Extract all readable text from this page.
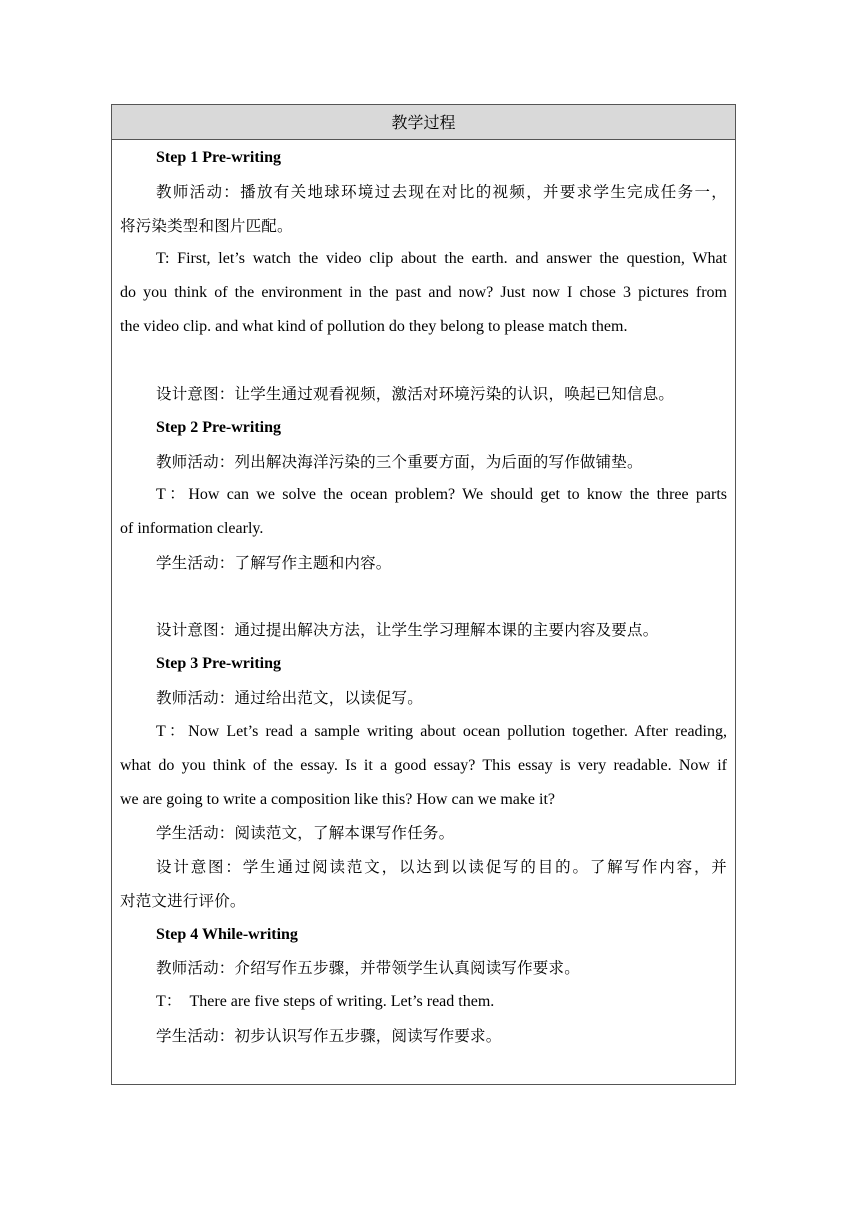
教学过程
Step 1 Pre-writing
教师活动：播放有关地球环境过去现在对比的视频，并要求学生完成任务一，
将污染类型和图片匹配。
T: First, let’s watch the video clip about the earth. and answer the question, What
do you think of the environment in the past and now? Just now I chose 3 pictures from
the video clip. and what kind of pollution do they belong to please match them.
设计意图：让学生通过观看视频，激活对环境污染的认识，唤起已知信息。
Step 2 Pre-writing
教师活动：列出解决海洋污染的三个重要方面，为后面的写作做铺垫。
T：How can we solve the ocean problem? We should get to know the three parts
of information clearly.
学生活动：了解写作主题和内容。
设计意图：通过提出解决方法，让学生学习理解本课的主要内容及要点。
Step 3 Pre-writing
教师活动：通过给出范文，以读促写。
T：Now Let’s read a sample writing about ocean pollution together. After reading,
what do you think of the essay. Is it a good essay? This essay is very readable. Now if
we are going to write a composition like this? How can we make it?
学生活动：阅读范文，了解本课写作任务。
设计意图：学生通过阅读范文，以达到以读促写的目的。了解写作内容，并
对范文进行评价。
Step 4 While-writing
教师活动：介绍写作五步骤，并带领学生认真阅读写作要求。
T：  There are five steps of writing. Let’s read them.
学生活动：初步认识写作五步骤，阅读写作要求。
